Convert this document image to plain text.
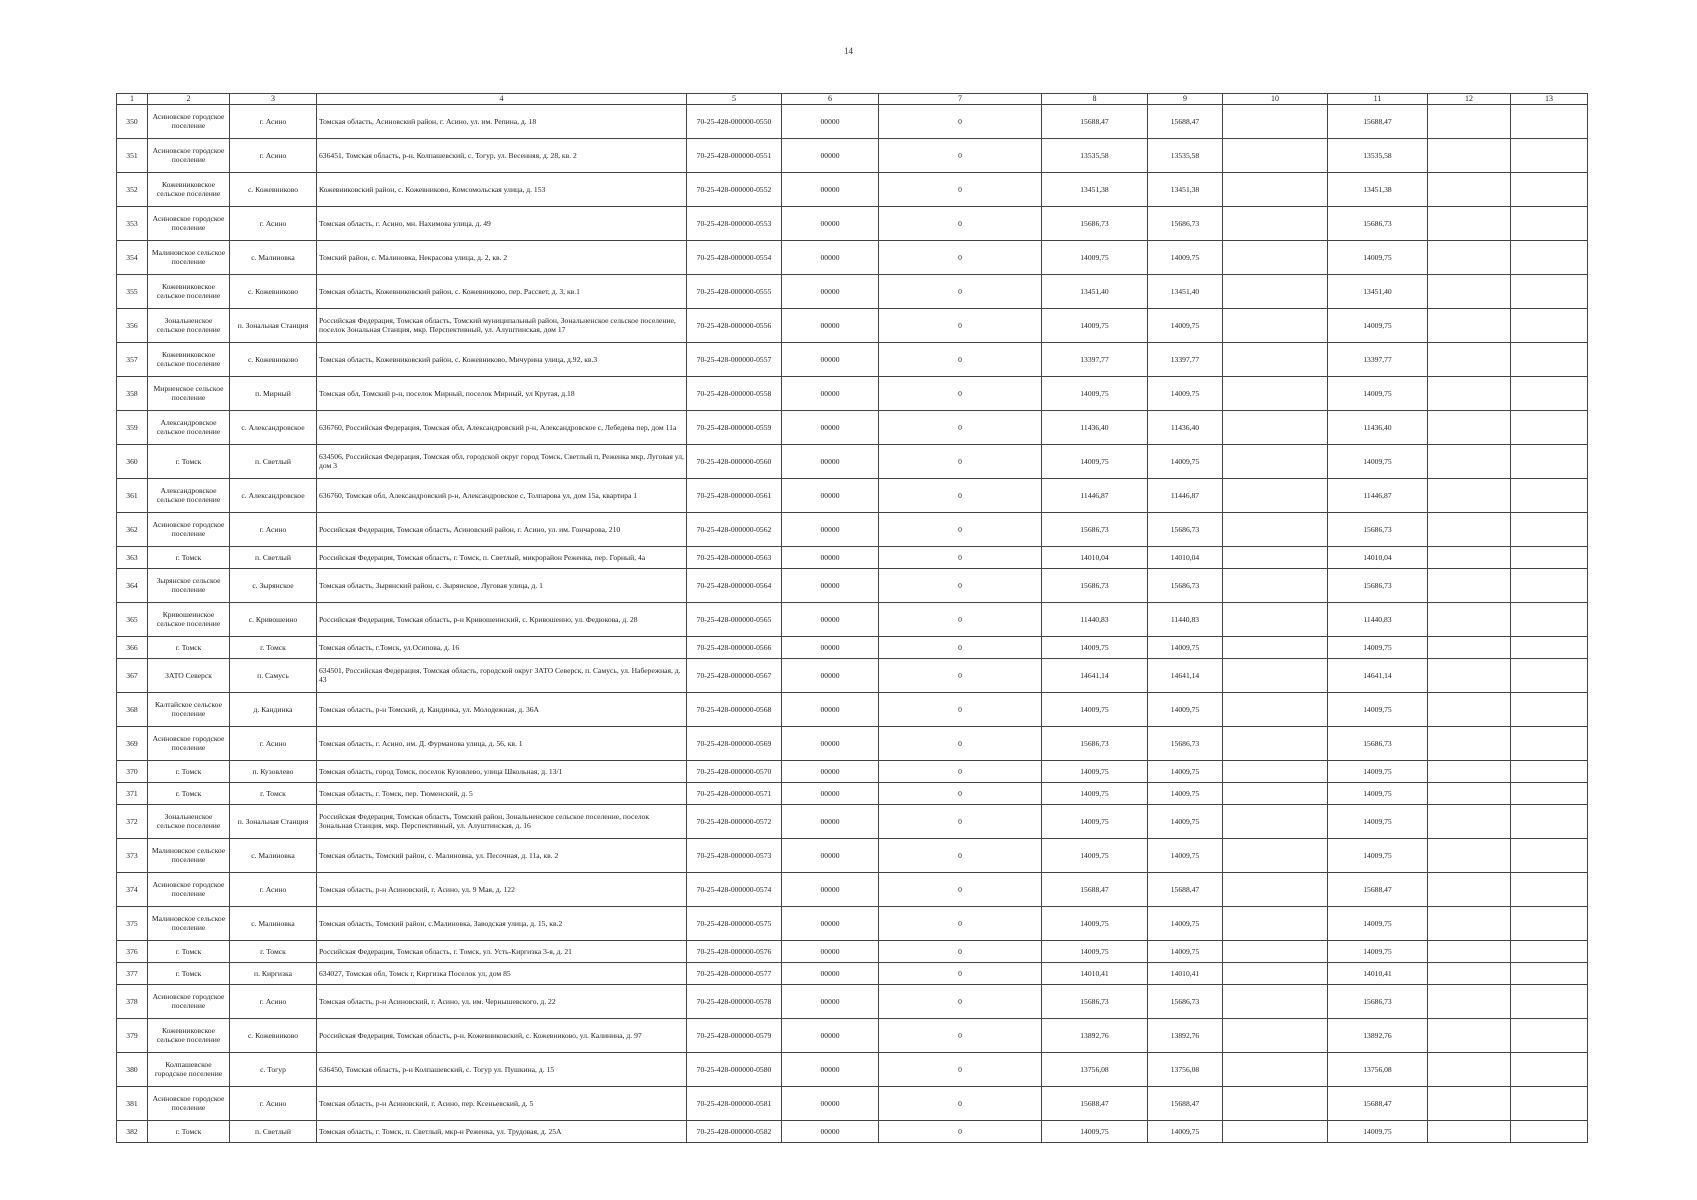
14
1	2	3	4	5	6	7	8	9	10	11	12	13
350	Асиновское городское поселение	г. Асино	Томская область, Асиновский район, г. Асино, ул. им. Репина, д. 18	70-25-428-000000-0550	00000	0	15688,47	15688,47		15688,47		
351	Асиновское городское поселение	г. Асино	636451, Томская область, р-н. Колпашевский, с. Тогур, ул. Весенняя, д. 28, кв. 2	70-25-428-000000-0551	00000	0	13535,58	13535,58		13535,58		
352	Кожевниковское сельское поселение	с. Кожевниково	Кожевниковский район, с. Кожевниково, Комсомольская улица, д. 153	70-25-428-000000-0552	00000	0	13451,38	13451,38		13451,38		
353	Асиновское городское поселение	г. Асино	Томская область, г. Асино, мн. Нахимова улица, д. 49	70-25-428-000000-0553	00000	0	15686,73	15686,73		15686,73		
354	Малиновское сельское поселение	с. Малиновка	Томский район, с. Малиновка, Некрасова улица, д. 2, кв. 2	70-25-428-000000-0554	00000	0	14009,75	14009,75		14009,75		
355	Кожевниковское сельское поселение	с. Кожевниково	Томская область, Кожевниковский район, с. Кожевниково, пер. Рассвет, д. 3, кв.1	70-25-428-000000-0555	00000	0	13451,40	13451,40		13451,40		
356	Зональненское сельское поселение	п. Зональная Станция	Российская Федерация, Томская область, Томский муниципальный район, Зональненское сельское поселение, поселок Зональная Станция, мкр. Перспективный, ул. Алуштинская, дом 17	70-25-428-000000-0556	00000	0	14009,75	14009,75		14009,75		
357	Кожевниковское сельское поселение	с. Кожевниково	Томская область, Кожевниковский район, с. Кожевниково, Мичурина улица, д.92, кв.3	70-25-428-000000-0557	00000	0	13397,77	13397,77		13397,77		
358	Мирненское сельское поселение	п. Мирный	Томская обл, Томский р-н, поселок Мирный, поселок Мирный, ул Крутая, д.18	70-25-428-000000-0558	00000	0	14009,75	14009,75		14009,75		
359	Александровское сельское поселение	с. Александровское	636760, Российская Федерация, Томская обл, Александровский р-н, Александровское с, Лебедева пер, дом 11а	70-25-428-000000-0559	00000	0	11436,40	11436,40		11436,40		
360	г. Томск	п. Светлый	634506, Российская Федерация, Томская обл, городской округ город Томск, Светлый п, Реженка мкр, Луговая ул, дом 3	70-25-428-000000-0560	00000	0	14009,75	14009,75		14009,75		
361	Александровское сельское поселение	с. Александровское	636760, Томская обл, Александровский р-н, Александровское с, Толпарова ул, дом 15а, квартира 1	70-25-428-000000-0561	00000	0	11446,87	11446,87		11446,87		
362	Асиновское городское поселение	г. Асино	Российская Федерация, Томская область, Асиновский район, г. Асино, ул. им. Гончарова, 210	70-25-428-000000-0562	00000	0	15686,73	15686,73		15686,73		
363	г. Томск	п. Светлый	Российская Федерация, Томская область, г. Томск, п. Светлый, микрорайон Реженка, пер. Горный, 4а	70-25-428-000000-0563	00000	0	14010,04	14010,04		14010,04		
364	Зырянское сельское поселение	с. Зырянское	Томская область, Зырянский район, с. Зырянское, Луговая улица, д. 1	70-25-428-000000-0564	00000	0	15686,73	15686,73		15686,73		
365	Кривошеинское сельское поселение	с. Кривошеино	Российская Федерация, Томская область, р-н Кривошеинский, с. Кривошеино, ул. Федюкова, д. 28	70-25-428-000000-0565	00000	0	11440,83	11440,83		11440,83		
366	г. Томск	г. Томск	Томская область, г.Томск, ул.Осипова, д. 16	70-25-428-000000-0566	00000	0	14009,75	14009,75		14009,75		
367	ЗАТО Северск	п. Самусь	634501, Российская Федерация, Томская область, городской округ ЗАТО Северск, п. Самусь, ул. Набережная, д. 43	70-25-428-000000-0567	00000	0	14641,14	14641,14		14641,14		
368	Калтайское сельское поселение	д. Кандинка	Томская область, р-н Томский, д. Кандинка, ул. Молодежная, д. 36А	70-25-428-000000-0568	00000	0	14009,75	14009,75		14009,75		
369	Асиновское городское поселение	г. Асино	Томская область, г. Асино, им. Д. Фурманова улица, д. 56, кв. 1	70-25-428-000000-0569	00000	0	15686,73	15686,73		15686,73		
370	г. Томск	п. Кузовлево	Томская область, город Томск, поселок Кузовлево, улица Школьная, д. 13/1	70-25-428-000000-0570	00000	0	14009,75	14009,75		14009,75		
371	г. Томск	г. Томск	Томская область, г. Томск, пер. Тюменский, д. 5	70-25-428-000000-0571	00000	0	14009,75	14009,75		14009,75		
372	Зональненское сельское поселение	п. Зональная Станция	Российская Федерация, Томская область, Томский район, Зональненское сельское поселение, поселок Зональная Станция, мкр. Перспективный, ул. Алуштинская, д. 16	70-25-428-000000-0572	00000	0	14009,75	14009,75		14009,75		
373	Малиновское сельское поселение	с. Малиновка	Томская область, Томский район, с. Малиновка, ул. Песочная, д. 11а, кв. 2	70-25-428-000000-0573	00000	0	14009,75	14009,75		14009,75		
374	Асиновское городское поселение	г. Асино	Томская область, р-н Асиновский, г. Асино, ул. 9 Мая, д. 122	70-25-428-000000-0574	00000	0	15688,47	15688,47		15688,47		
375	Малиновское сельское поселение	с. Малиновка	Томская область, Томский район, с.Малиновка, Заводская улица, д. 15, кв.2	70-25-428-000000-0575	00000	0	14009,75	14009,75		14009,75		
376	г. Томск	г. Томск	Российская Федерация, Томская область, г. Томск, ул. Усть-Киргизка 3-я, д. 21	70-25-428-000000-0576	00000	0	14009,75	14009,75		14009,75		
377	г. Томск	п. Киргизка	634027, Томская обл, Томск г, Киргизка Поселок ул, дом 85	70-25-428-000000-0577	00000	0	14010,41	14010,41		14010,41		
378	Асиновское городское поселение	г. Асино	Томская область, р-н Асиновский, г. Асино, ул. им. Чернышевского, д. 22	70-25-428-000000-0578	00000	0	15686,73	15686,73		15686,73		
379	Кожевниковское сельское поселение	с. Кожевниково	Российская Федерация, Томская область, р-н. Кожевниковский, с. Кожевниково, ул. Калинина, д. 97	70-25-428-000000-0579	00000	0	13892,76	13892,76		13892,76		
380	Колпашевское городское поселение	с. Тогур	636450, Томская область, р-н Колпашевский, с. Тогур ул. Пушкина, д. 15	70-25-428-000000-0580	00000	0	13756,08	13756,08		13756,08		
381	Асиновское городское поселение	г. Асино	Томская область, р-н Асиновский, г. Асино, пер. Ксеньевский, д. 5	70-25-428-000000-0581	00000	0	15688,47	15688,47		15688,47		
382	г. Томск	п. Светлый	Томская область, г. Томск, п. Светлый, мкр-н Реженка, ул. Трудовая, д. 25А	70-25-428-000000-0582	00000	0	14009,75	14009,75		14009,75		
